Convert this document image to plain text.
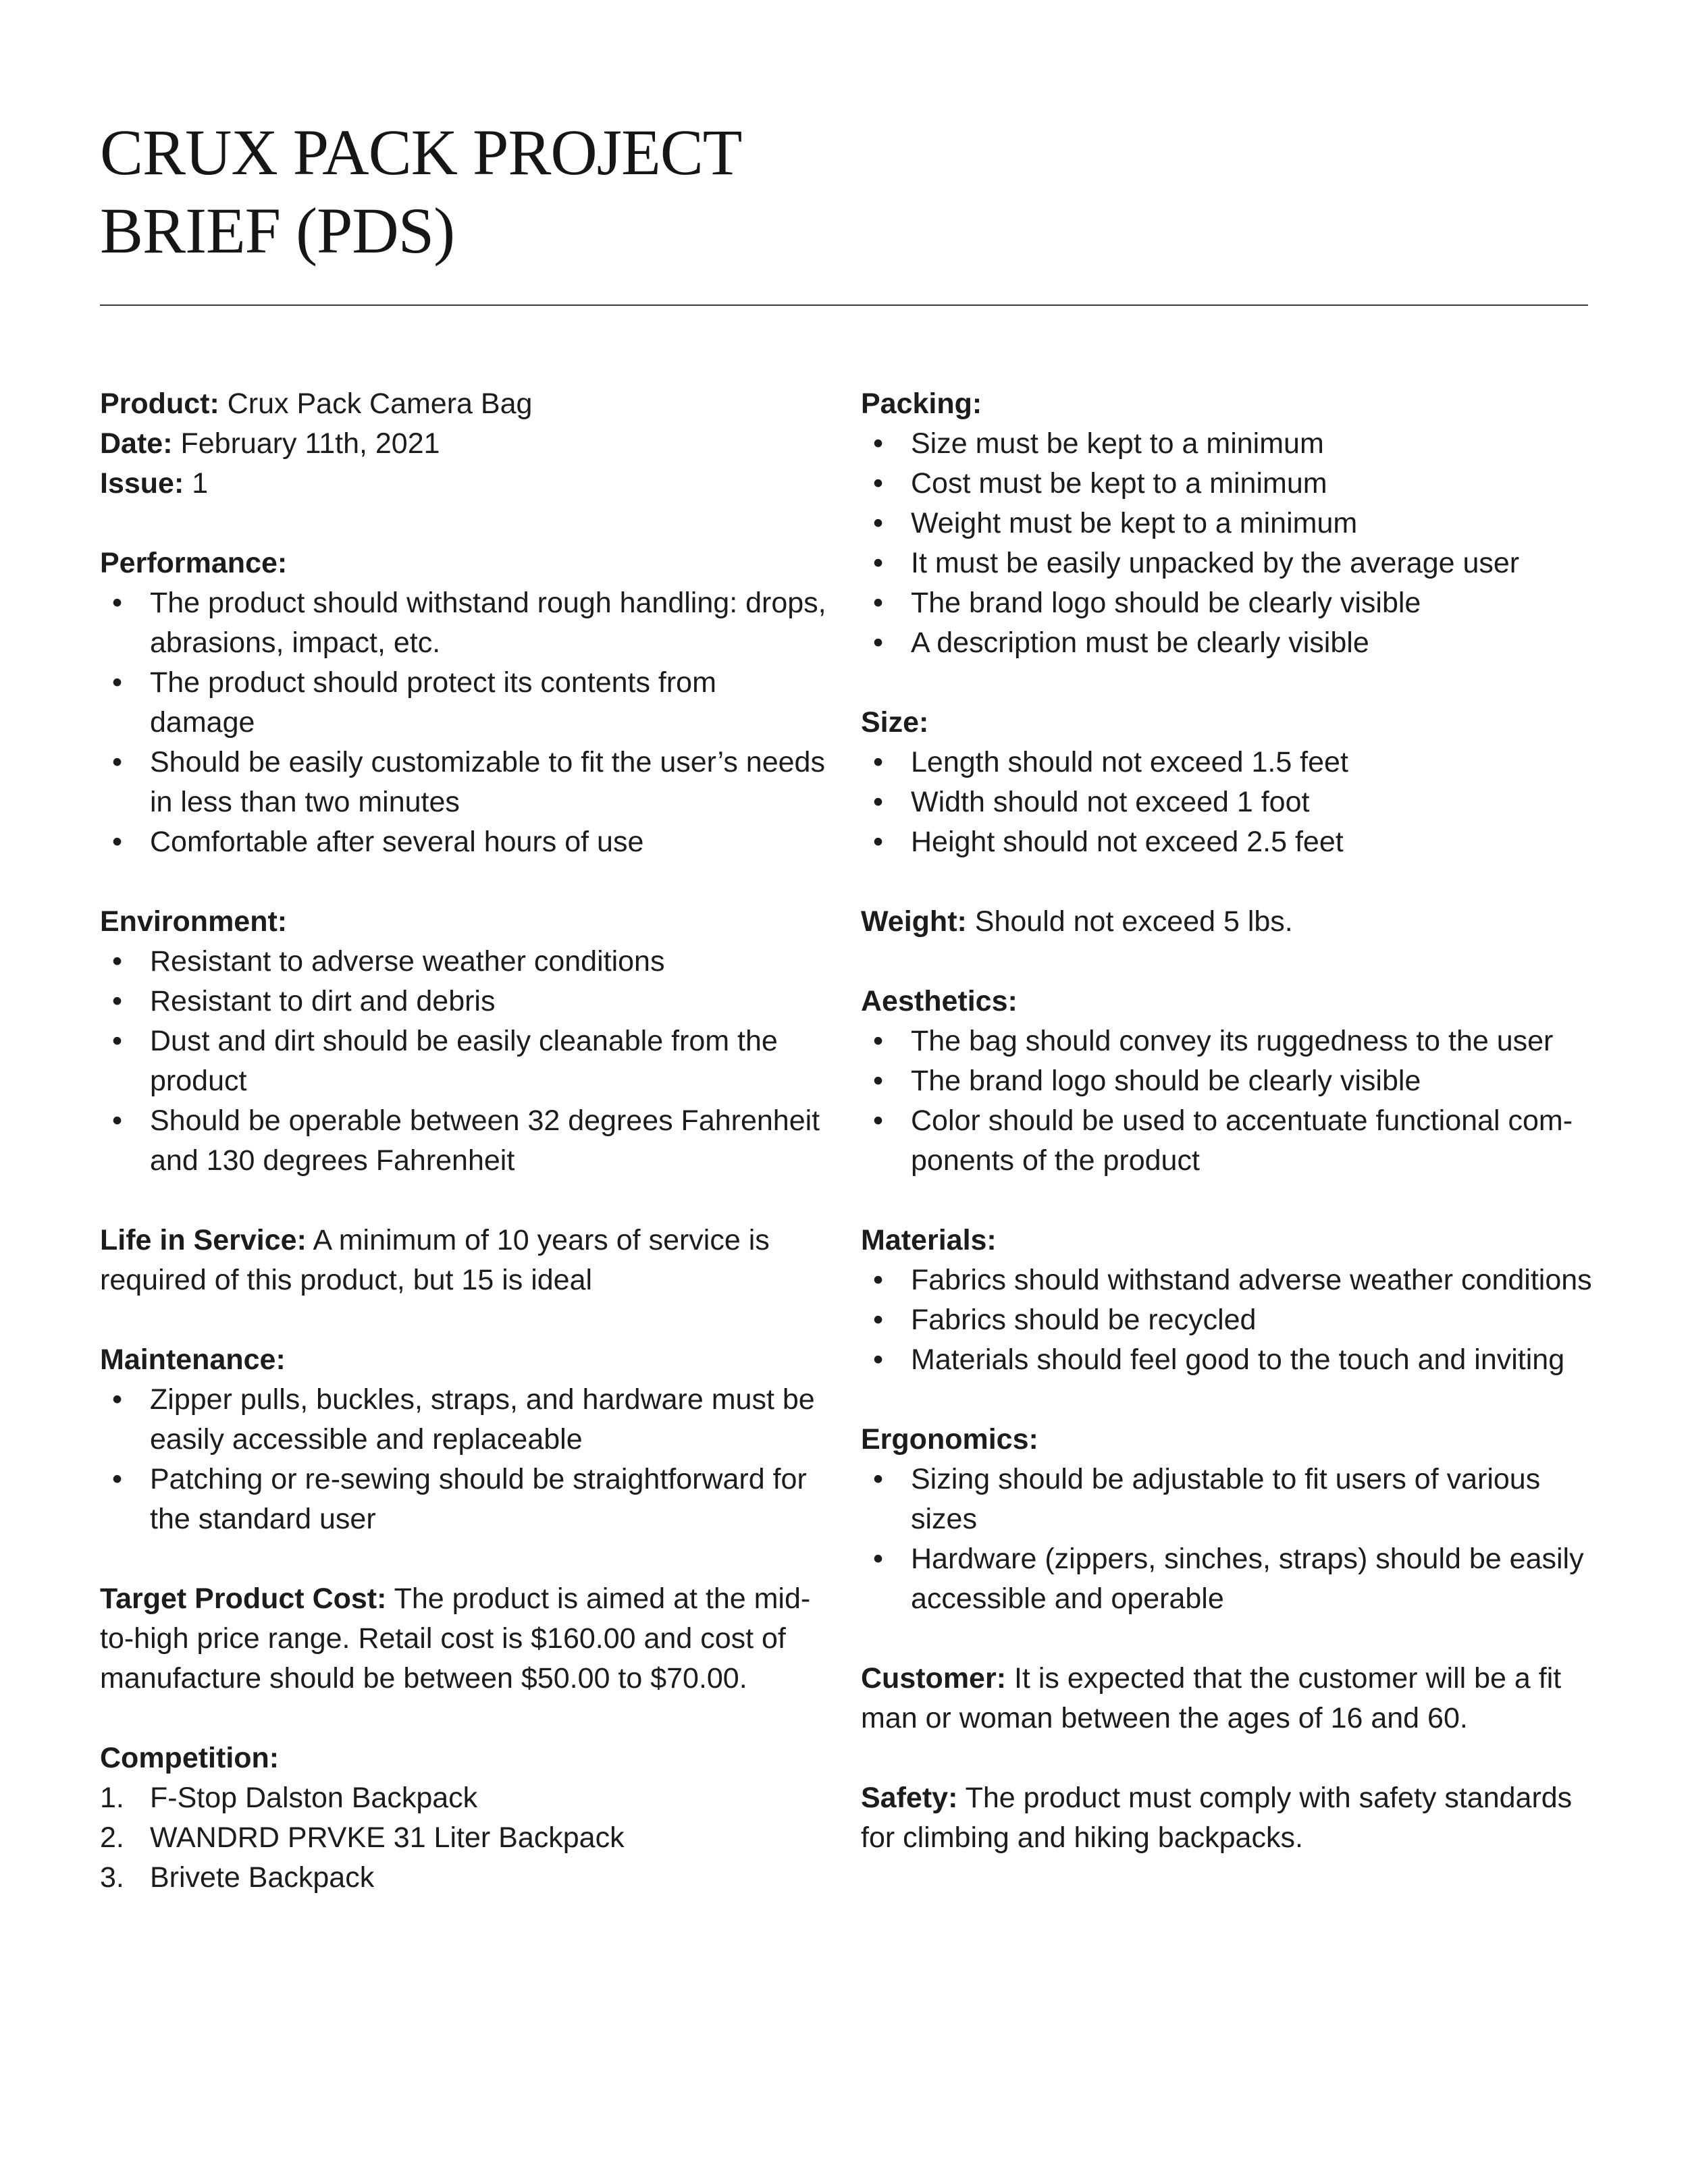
CRUX PACK PROJECT
BRIEF (PDS)

Product: Crux Pack Camera Bag

Date: February 11th, 2021

Issue: 1

Performance:

• The product should withstand rough handling: drops, abrasions, impact, etc.
• The product should protect its contents from damage
• Should be easily customizable to fit the user’s needs in less than two minutes
• Comfortable after several hours of use

Environment:

• Resistant to adverse weather conditions
• Resistant to dirt and debris
• Dust and dirt should be easily cleanable from the product
• Should be operable between 32 degrees Fahrenheit and 130 degrees Fahrenheit

Life in Service: A minimum of 10 years of service is required of this product, but 15 is ideal

Maintenance:

• Zipper pulls, buckles, straps, and hardware must be easily accessible and replaceable
• Patching or re-sewing should be straightforward for the standard user

Target Product Cost: The product is aimed at the mid-to-high price range. Retail cost is $160.00 and cost of manufacture should be between $50.00 to $70.00.

Competition:

1. F-Stop Dalston Backpack
2. WANDRD PRVKE 31 Liter Backpack
3. Brivete Backpack

Packing:

• Size must be kept to a minimum
• Cost must be kept to a minimum
• Weight must be kept to a minimum
• It must be easily unpacked by the average user
• The brand logo should be clearly visible
• A description must be clearly visible

Size:

• Length should not exceed 1.5 feet
• Width should not exceed 1 foot
• Height should not exceed 2.5 feet

Weight: Should not exceed 5 lbs.

Aesthetics:

• The bag should convey its ruggedness to the user
• The brand logo should be clearly visible
• Color should be used to accentuate functional com-ponents of the product

Materials:

• Fabrics should withstand adverse weather conditions
• Fabrics should be recycled
• Materials should feel good to the touch and inviting

Ergonomics:

• Sizing should be adjustable to fit users of various sizes
• Hardware (zippers, sinches, straps) should be easily accessible and operable

Customer: It is expected that the customer will be a fit man or woman between the ages of 16 and 60.

Safety: The product must comply with safety standards for climbing and hiking backpacks.
